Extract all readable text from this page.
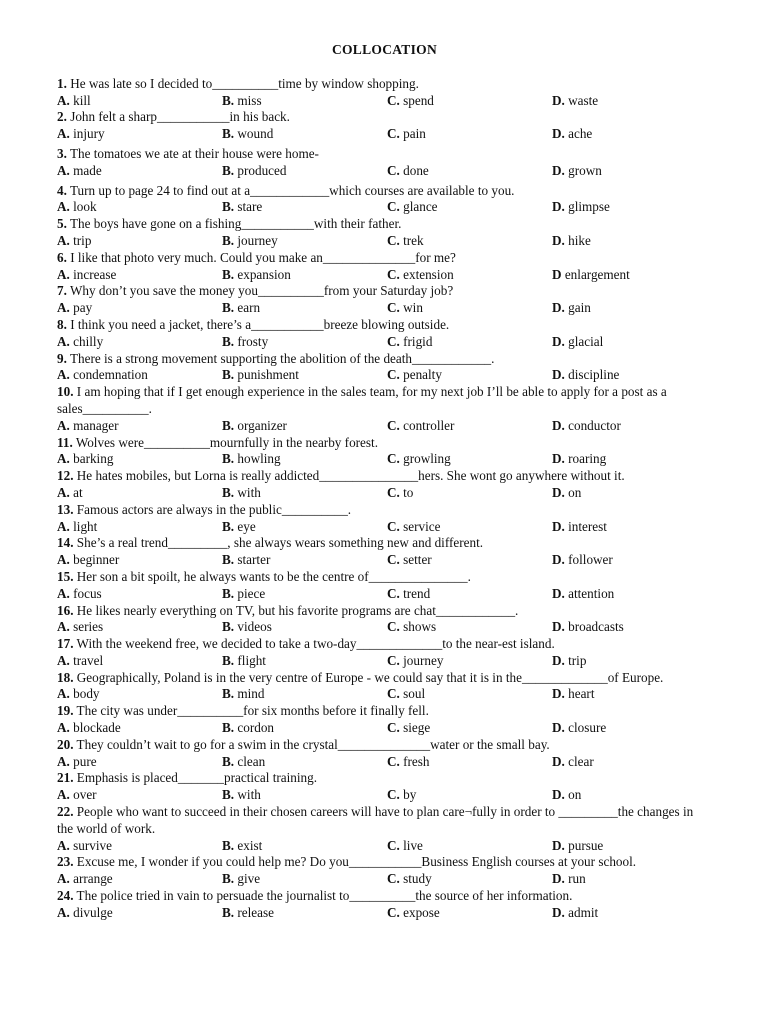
COLLOCATION

1. He was late so I decided to__________time by window shopping.

A. kill	B. miss	C. spend	D. waste

2. John felt a sharp___________in his back.

A. injury	B. wound	C. pain	D. ache

3. The tomatoes we ate at their house were home-

A. made	B. produced	C. done	D. grown

4. Turn up to page 24 to find out at a____________which courses are available to you.

A. look	B. stare	C. glance	D. glimpse

5. The boys have gone on a fishing___________with their father.

A. trip	B. journey	C. trek	D. hike

6. I like that photo very much. Could you make an______________for me?

A. increase	B. expansion	C. extension	D enlargement

7. Why don’t you save the money you__________from your Saturday job?

A. pay	B. earn	C. win	D. gain

8. I think you need a jacket, there’s a___________breeze blowing outside.

A. chilly	B. frosty	C. frigid	D. glacial

9. There is a strong movement supporting the abolition of the death____________.

A. condemnation	B. punishment	C. penalty	D. discipline

10. I am hoping that if I get enough experience in the sales team, for my next job I’ll be able to apply for a post as a sales__________.

A. manager	B. organizer	C. controller	D. conductor

11. Wolves were__________mournfully in the nearby forest.

A. barking	B. howling	C. growling	D. roaring

12. He hates mobiles, but Lorna is really addicted_______________hers. She wont go anywhere without it.

A. at	B. with	C. to	D. on

13. Famous actors are always in the public__________.

A. light	B. eye	C. service	D. interest

14. She’s a real trend_________, she always wears something new and different.

A. beginner	B. starter	C. setter	D. follower

15. Her son a bit spoilt, he always wants to be the centre of_______________.

A. focus	B. piece	C. trend	D. attention

16. He likes nearly everything on TV, but his favorite programs are chat____________.

A. series	B. videos	C. shows	D. broadcasts

17. With the weekend free, we decided to take a two-day_____________to the near-est island.

A. travel	B. flight	C. journey	D. trip

18. Geographically, Poland is in the very centre of Europe - we could say that it is in the_____________of Europe.

A. body	B. mind	C. soul	D. heart

19. The city was under__________for six months before it finally fell.

A. blockade	B. cordon	C. siege	D. closure

20. They couldn’t wait to go for a swim in the crystal______________water or the small bay.

A. pure	B. clean	C. fresh	D. clear

21. Emphasis is placed_______practical training.

A. over	B. with	C. by	D. on

22. People who want to succeed in their chosen careers will have to plan care¬fully in order to _________the changes in the world of work.

A. survive	B. exist	C. live	D. pursue

23. Excuse me, I wonder if you could help me? Do you___________Business English courses at your school.

A. arrange	B. give	C. study	D. run

24. The police tried in vain to persuade the journalist to__________the source of her information.

A. divulge	B. release	C. expose	D. admit
